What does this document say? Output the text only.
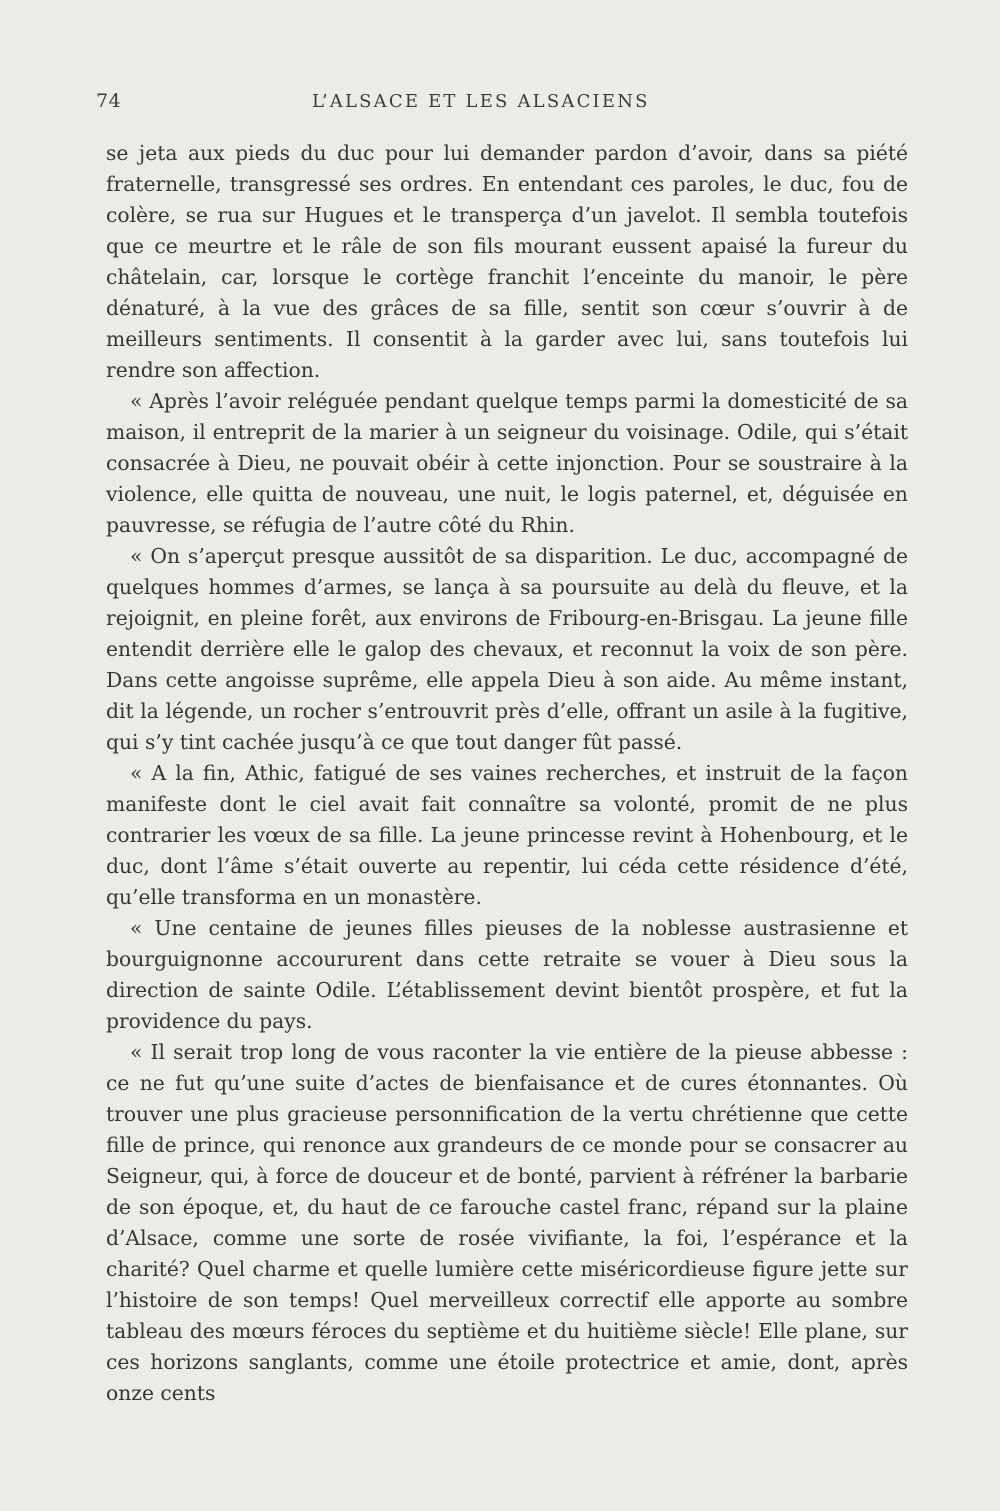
74	L’ALSACE ET LES ALSACIENS

se jeta aux pieds du duc pour lui demander pardon d’avoir, dans sa piété fraternelle, transgressé ses ordres. En entendant ces paroles, le duc, fou de colère, se rua sur Hugues et le transperça d’un javelot. Il sembla toutefois que ce meurtre et le râle de son fils mourant eussent apaisé la fureur du châtelain, car, lorsque le cortège franchit l’enceinte du manoir, le père dénaturé, à la vue des grâces de sa fille, sentit son cœur s’ouvrir à de meilleurs sentiments. Il consentit à la garder avec lui, sans toutefois lui rendre son affection.

« Après l’avoir reléguée pendant quelque temps parmi la domesticité de sa maison, il entreprit de la marier à un seigneur du voisinage. Odile, qui s’était consacrée à Dieu, ne pouvait obéir à cette injonction. Pour se soustraire à la violence, elle quitta de nouveau, une nuit, le logis paternel, et, déguisée en pauvresse, se réfugia de l’autre côté du Rhin.

« On s’aperçut presque aussitôt de sa disparition. Le duc, accompagné de quelques hommes d’armes, se lança à sa poursuite au delà du fleuve, et la rejoignit, en pleine forêt, aux environs de Fribourg-en-Brisgau. La jeune fille entendit derrière elle le galop des chevaux, et reconnut la voix de son père. Dans cette angoisse suprême, elle appela Dieu à son aide. Au même instant, dit la légende, un rocher s’entrouvrit près d’elle, offrant un asile à la fugitive, qui s’y tint cachée jusqu’à ce que tout danger fût passé.

« A la fin, Athic, fatigué de ses vaines recherches, et instruit de la façon manifeste dont le ciel avait fait connaître sa volonté, promit de ne plus contrarier les vœux de sa fille. La jeune princesse revint à Hohenbourg, et le duc, dont l’âme s’était ouverte au repentir, lui céda cette résidence d’été, qu’elle transforma en un monastère.

« Une centaine de jeunes filles pieuses de la noblesse austrasienne et bourguignonne accoururent dans cette retraite se vouer à Dieu sous la direction de sainte Odile. L’établissement devint bientôt prospère, et fut la providence du pays.

« Il serait trop long de vous raconter la vie entière de la pieuse abbesse : ce ne fut qu’une suite d’actes de bienfaisance et de cures étonnantes. Où trouver une plus gracieuse personnification de la vertu chrétienne que cette fille de prince, qui renonce aux grandeurs de ce monde pour se consacrer au Seigneur, qui, à force de douceur et de bonté, parvient à réfréner la barbarie de son époque, et, du haut de ce farouche castel franc, répand sur la plaine d’Alsace, comme une sorte de rosée vivifiante, la foi, l’espérance et la charité? Quel charme et quelle lumière cette miséricordieuse figure jette sur l’histoire de son temps! Quel merveilleux correctif elle apporte au sombre tableau des mœurs féroces du septième et du huitième siècle! Elle plane, sur ces horizons sanglants, comme une étoile protectrice et amie, dont, après onze cents
